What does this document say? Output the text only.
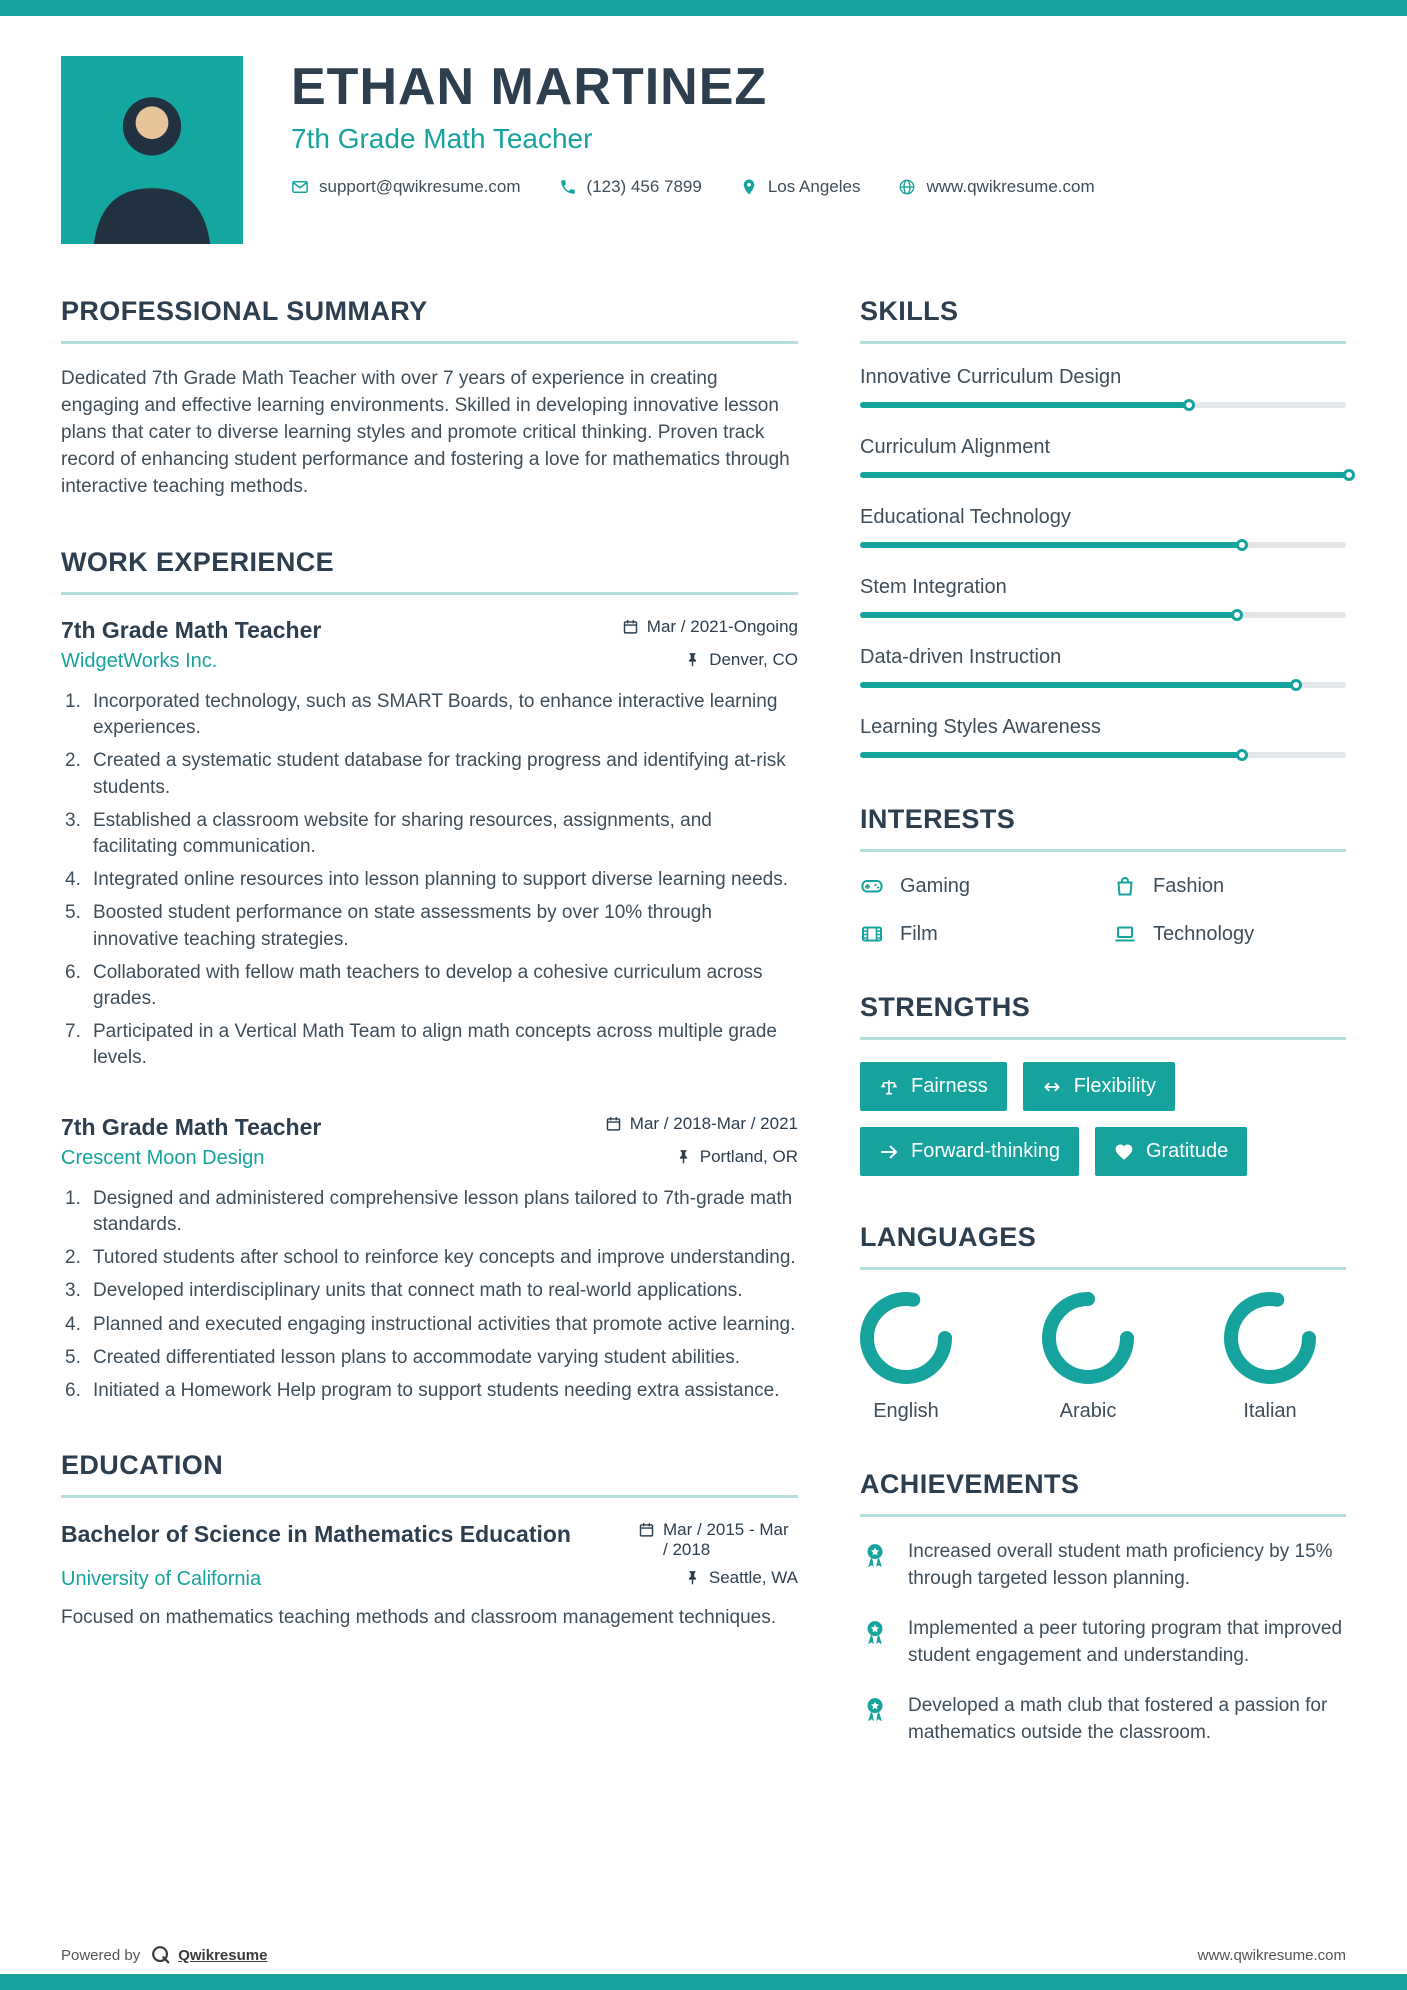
ETHAN MARTINEZ
7th Grade Math Teacher
support@qwikresume.com	(123) 456 7899	Los Angeles	www.qwikresume.com
PROFESSIONAL SUMMARY

Dedicated 7th Grade Math Teacher with over 7 years of experience in creating engaging and effective learning environments. Skilled in developing innovative lesson plans that cater to diverse learning styles and promote critical thinking. Proven track record of enhancing student performance and fostering a love for mathematics through interactive teaching methods.

WORK EXPERIENCE
7th Grade Math Teacher	Mar / 2021-Ongoing
WidgetWorks Inc.	Denver, CO
Incorporated technology, such as SMART Boards, to enhance interactive learning experiences.
Created a systematic student database for tracking progress and identifying at-risk students.
Established a classroom website for sharing resources, assignments, and facilitating communication.
Integrated online resources into lesson planning to support diverse learning needs.
Boosted student performance on state assessments by over 10% through innovative teaching strategies.
Collaborated with fellow math teachers to develop a cohesive curriculum across grades.
Participated in a Vertical Math Team to align math concepts across multiple grade levels.
7th Grade Math Teacher	Mar / 2018-Mar / 2021
Crescent Moon Design	Portland, OR
Designed and administered comprehensive lesson plans tailored to 7th-grade math standards.
Tutored students after school to reinforce key concepts and improve understanding.
Developed interdisciplinary units that connect math to real-world applications.
Planned and executed engaging instructional activities that promote active learning.
Created differentiated lesson plans to accommodate varying student abilities.
Initiated a Homework Help program to support students needing extra assistance.
EDUCATION
Bachelor of Science in Mathematics Education	Mar / 2015 - Mar / 2018
University of California	Seattle, WA

Focused on mathematics teaching methods and classroom management techniques.

SKILLS
Innovative Curriculum Design
Curriculum Alignment
Educational Technology
Stem Integration
Data-driven Instruction
Learning Styles Awareness
INTERESTS
Gaming	Fashion
Film	Technology
STRENGTHS
Fairness	Flexibility
Forward-thinking	Gratitude
LANGUAGES
English	Arabic	Italian
ACHIEVEMENTS
Increased overall student math proficiency by 15% through targeted lesson planning.
Implemented a peer tutoring program that improved student engagement and understanding.
Developed a math club that fostered a passion for mathematics outside the classroom.
Powered by	Qwikresume	www.qwikresume.com
